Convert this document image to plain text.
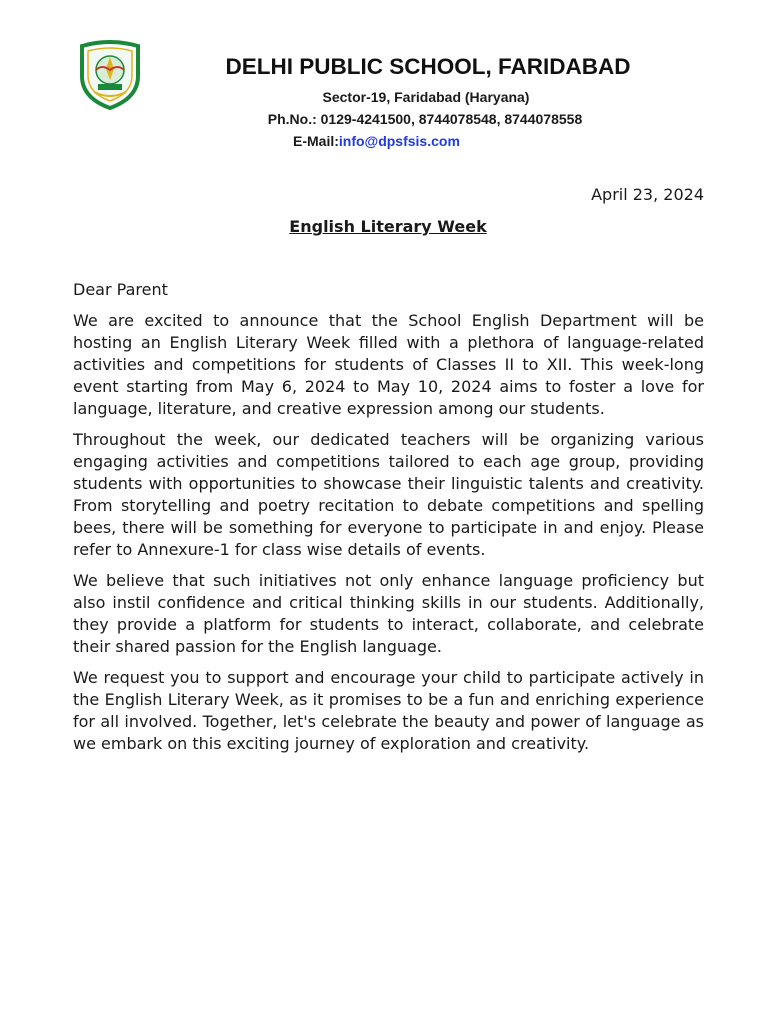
DELHI PUBLIC SCHOOL, FARIDABAD
Sector-19, Faridabad (Haryana)
Ph.No.: 0129-4241500, 8744078548, 8744078558
E-Mail:info@dpsfsis.com
April 23, 2024
English Literary Week

Dear Parent

We are excited to announce that the School English Department will be hosting an English Literary Week filled with a plethora of language-related activities and competitions for students of Classes II to XII. This week-long event starting from May 6, 2024 to May 10, 2024 aims to foster a love for language, literature, and creative expression among our students.

Throughout the week, our dedicated teachers will be organizing various engaging activities and competitions tailored to each age group, providing students with opportunities to showcase their linguistic talents and creativity. From storytelling and poetry recitation to debate competitions and spelling bees, there will be something for everyone to participate in and enjoy. Please refer to Annexure-1 for class wise details of events.

We believe that such initiatives not only enhance language proficiency but also instil confidence and critical thinking skills in our students. Additionally, they provide a platform for students to interact, collaborate, and celebrate their shared passion for the English language.

We request you to support and encourage your child to participate actively in the English Literary Week, as it promises to be a fun and enriching experience for all involved. Together, let's celebrate the beauty and power of language as we embark on this exciting journey of exploration and creativity.
